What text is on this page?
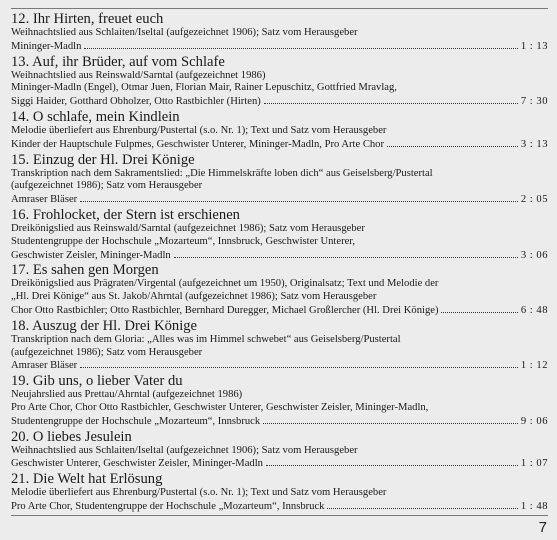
12. Ihr Hirten, freuet euch
Weihnachtslied aus Schlaiten/Iseltal (aufgezeichnet 1906); Satz vom Herausgeber
Mininger-Madln	1 : 13
13. Auf, ihr Brüder, auf vom Schlafe
Weihnachtslied aus Reinswald/Sarntal (aufgezeichnet 1986)
Mininger-Madln (Engel), Otmar Juen, Florian Mair, Rainer Lepuschitz, Gottfried Mravlag,
Siggi Haider, Gotthard Obholzer, Otto Rastbichler (Hirten)	7 : 30
14. O schlafe, mein Kindlein
Melodie überliefert aus Ehrenburg/Pustertal (s.o. Nr. 1); Text und Satz vom Herausgeber
Kinder der Hauptschule Fulpmes, Geschwister Unterer, Mininger-Madln, Pro Arte Chor	3 : 13
15. Einzug der Hl. Drei Könige
Transkription nach dem Sakramentslied: „Die Himmelskräfte loben dich“ aus Geiselsberg/Pustertal
(aufgezeichnet 1986); Satz vom Herausgeber
Amraser Bläser	2 : 05
16. Frohlocket, der Stern ist erschienen
Dreikönigslied aus Reinswald/Sarntal (aufgezeichnet 1986); Satz vom Herausgeber
Studentengruppe der Hochschule „Mozarteum“, Innsbruck, Geschwister Unterer,
Geschwister Zeisler, Mininger-Madln	3 : 06
17. Es sahen gen Morgen
Dreikönigslied aus Prägraten/Virgental (aufgezeichnet um 1950), Originalsatz; Text und Melodie der
„Hl. Drei Könige“ aus St. Jakob/Ahrntal (aufgezeichnet 1986); Satz vom Herausgeber
Chor Otto Rastbichler; Otto Rastbichler, Bernhard Duregger, Michael Großlercher (Hl. Drei Könige)	6 : 48
18. Auszug der Hl. Drei Könige
Transkription nach dem Gloria: „Alles was im Himmel schwebet“ aus Geiselsberg/Pustertal
(aufgezeichnet 1986); Satz vom Herausgeber
Amraser Bläser	1 : 12
19. Gib uns, o lieber Vater du
Neujahrslied aus Prettau/Ahrntal (aufgezeichnet 1986)
Pro Arte Chor, Chor Otto Rastbichler, Geschwister Unterer, Geschwister Zeisler, Mininger-Madln,
Studentengruppe der Hochschule „Mozarteum“, Innsbruck	9 : 06
20. O liebes Jesulein
Weihnachtslied aus Schlaiten/Iseltal (aufgezeichnet 1906); Satz vom Herausgeber
Geschwister Unterer, Geschwister Zeisler, Mininger-Madln	1 : 07
21. Die Welt hat Erlösung
Melodie überliefert aus Ehrenburg/Pustertal (s.o. Nr. 1); Text und Satz vom Herausgeber
Pro Arte Chor, Studentengruppe der Hochschule „Mozarteum“, Innsbruck	1 : 48
7
